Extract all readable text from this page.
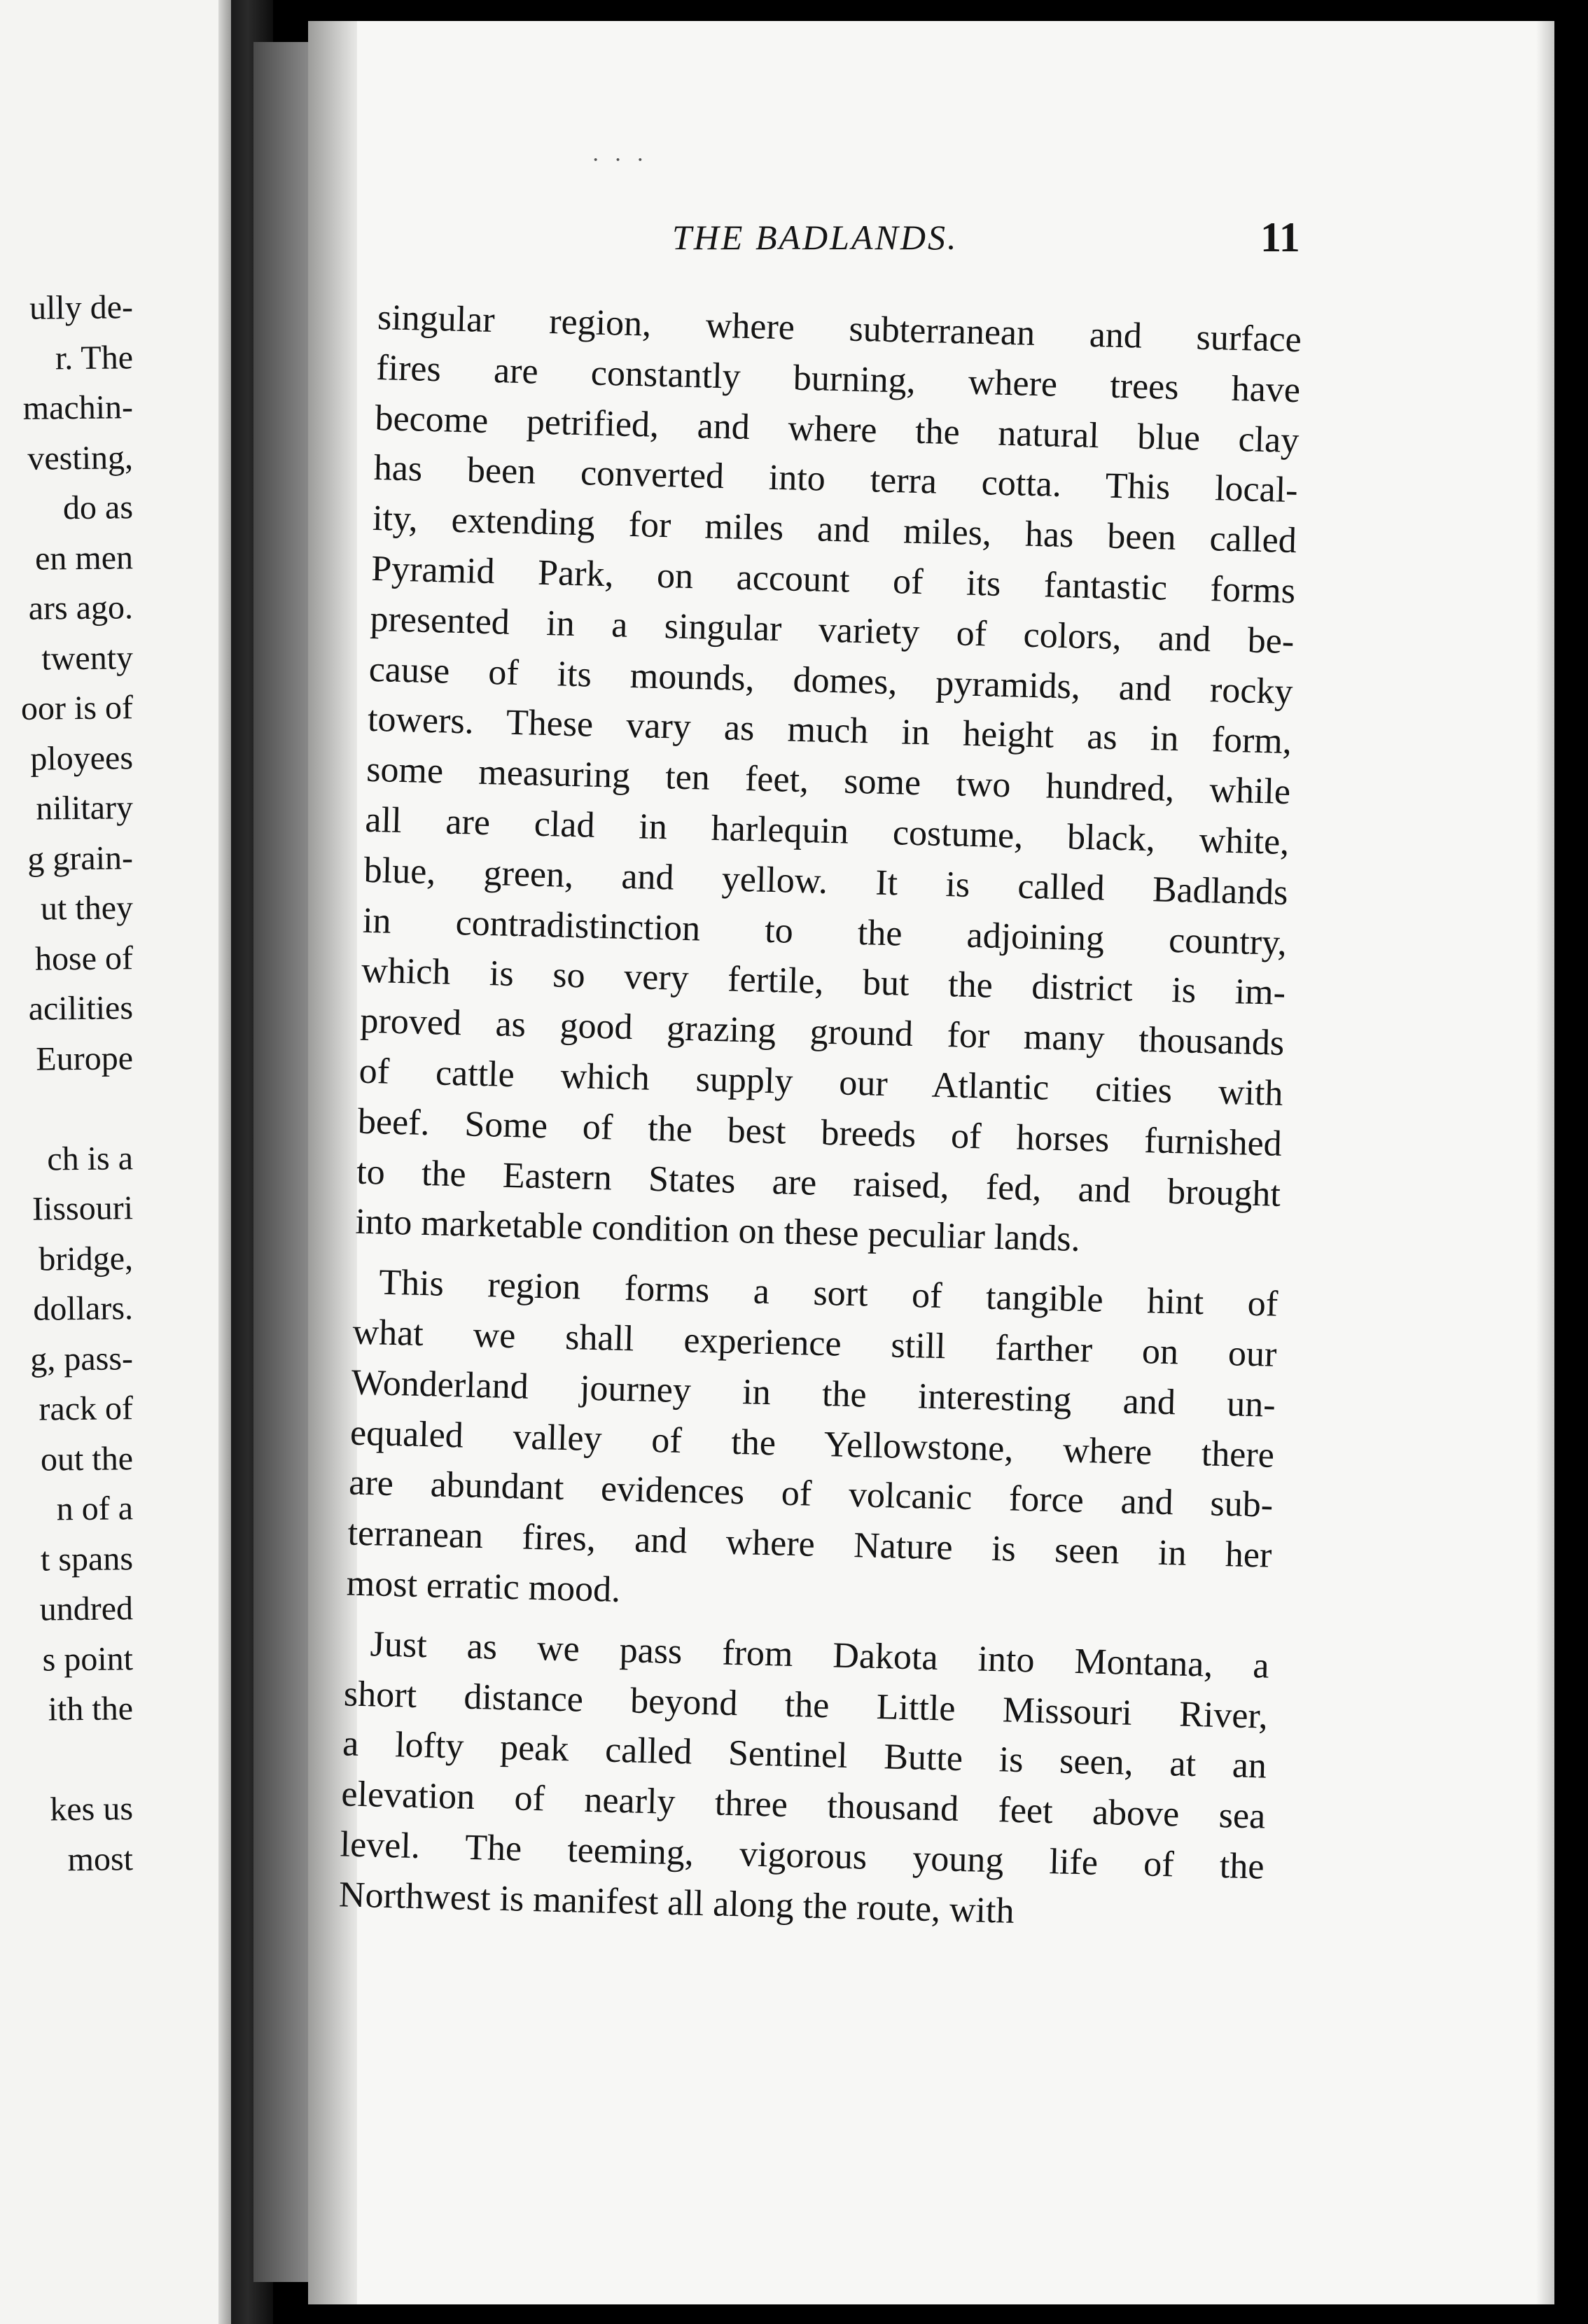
ully de-
r. The
machin-
vesting,
do as
en men
ars ago.
twenty
oor is of
ployees
nilitary
g grain-
ut they
hose of
acilities
Europe
ch is a
Iissouri
bridge,
dollars.
g, pass-
rack of
out the
n of a
t spans
undred
s point
ith the
kes us
most
· · ·
THE BADLANDS.	11
singular region, where subterranean and surface
fires are constantly burning, where trees have
become petrified, and where the natural blue clay
has been converted into terra cotta. This local-
ity, extending for miles and miles, has been called
Pyramid Park, on account of its fantastic forms
presented in a singular variety of colors, and be-
cause of its mounds, domes, pyramids, and rocky
towers. These vary as much in height as in form,
some measuring ten feet, some two hundred, while
all are clad in harlequin costume, black, white,
blue, green, and yellow. It is called Badlands
in contradistinction to the adjoining country,
which is so very fertile, but the district is im-
proved as good grazing ground for many thousands
of cattle which supply our Atlantic cities with
beef. Some of the best breeds of horses furnished
to the Eastern States are raised, fed, and brought
into marketable condition on these peculiar lands.
This region forms a sort of tangible hint of
what we shall experience still farther on our
Wonderland journey in the interesting and un-
equaled valley of the Yellowstone, where there
are abundant evidences of volcanic force and sub-
terranean fires, and where Nature is seen in her
most erratic mood.
Just as we pass from Dakota into Montana, a
short distance beyond the Little Missouri River,
a lofty peak called Sentinel Butte is seen, at an
elevation of nearly three thousand feet above sea
level. The teeming, vigorous young life of the
Northwest is manifest all along the route, with
